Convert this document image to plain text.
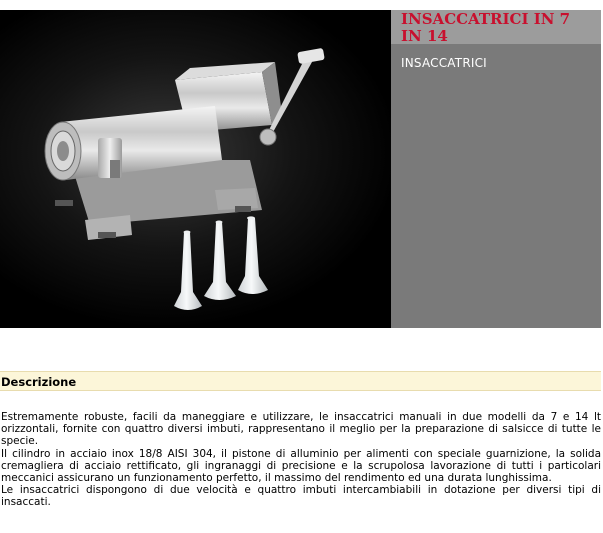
INSACCATRICI IN 7 IN 14
INSACCATRICI
Descrizione
Estremamente robuste, facili da maneggiare e utilizzare, le insaccatrici manuali in due modelli da 7 e 14 lt orizzontali, fornite con quattro diversi imbuti, rappresentano il meglio per la preparazione di salsicce di tutte le specie.
Il cilindro in acciaio inox 18/8 AISI 304, il pistone di alluminio per alimenti con speciale guarnizione, la solida cremagliera di acciaio rettificato, gli ingranaggi di precisione e la scrupolosa lavorazione di tutti i particolari meccanici assicurano un funzionamento perfetto, il massimo del rendimento ed una durata lunghissima.
Le insaccatrici dispongono di due velocità e quattro imbuti intercambiabili in dotazione per diversi tipi di insaccati.
